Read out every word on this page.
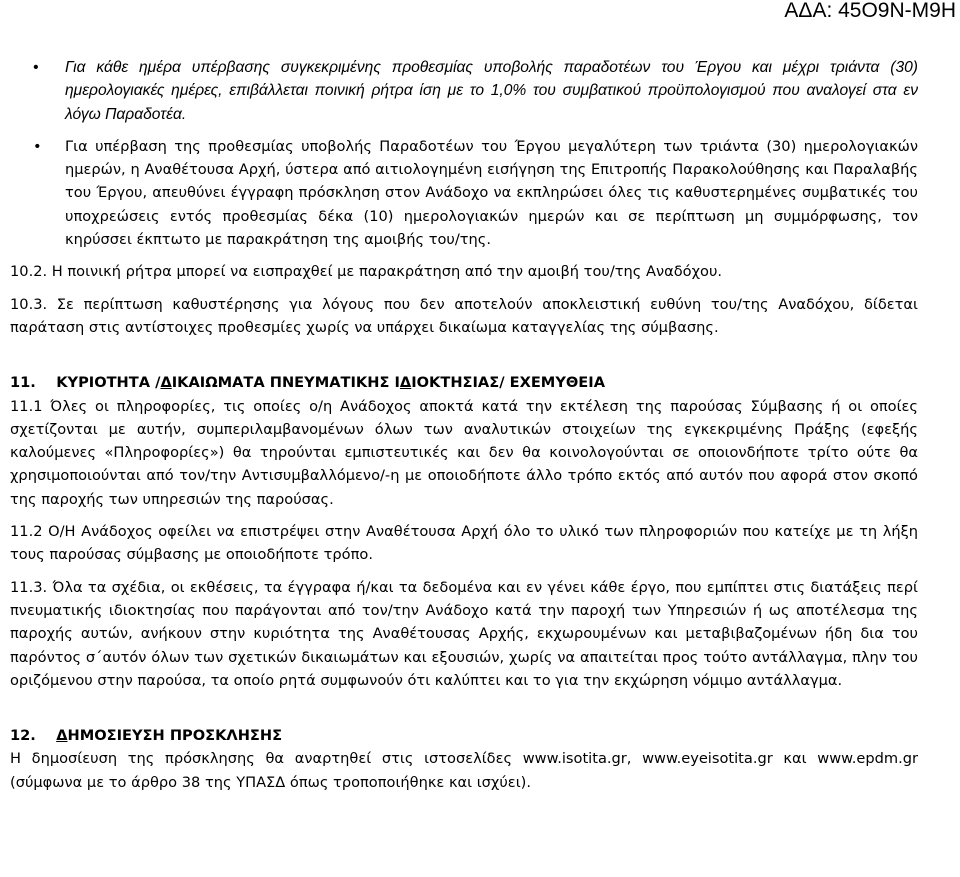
ΑΔΑ: 45Ο9Ν-Μ9Η
• Για κάθε ημέρα υπέρβασης συγκεκριμένης προθεσμίας υποβολής παραδοτέων του Έργου και μέχρι τριάντα (30) ημερολογιακές ημέρες, επιβάλλεται ποινική ρήτρα ίση με το 1,0% του συμβατικού προϋπολογισμού που αναλογεί στα εν λόγω Παραδοτέα.
• Για υπέρβαση της προθεσμίας υποβολής Παραδοτέων του Έργου μεγαλύτερη των τριάντα (30) ημερολογιακών ημερών, η Αναθέτουσα Αρχή, ύστερα από αιτιολογημένη εισήγηση της Επιτροπής Παρακολούθησης και Παραλαβής του Έργου, απευθύνει έγγραφη πρόσκληση στον Ανάδοχο να εκπληρώσει όλες τις καθυστερημένες συμβατικές του υποχρεώσεις εντός προθεσμίας δέκα (10) ημερολογιακών ημερών και σε περίπτωση μη συμμόρφωσης, τον κηρύσσει έκπτωτο με παρακράτηση της αμοιβής του/της.
10.2. Η ποινική ρήτρα μπορεί να εισπραχθεί με παρακράτηση από την αμοιβή του/της Αναδόχου.
10.3. Σε περίπτωση καθυστέρησης για λόγους που δεν αποτελούν αποκλειστική ευθύνη του/της Αναδόχου, δίδεται παράταση στις αντίστοιχες προθεσμίες χωρίς να υπάρχει δικαίωμα καταγγελίας της σύμβασης.
11. ΚΥΡΙΟΤΗΤΑ /ΔΙΚΑΙΩΜΑΤΑ ΠΝΕΥΜΑΤΙΚΗΣ ΙΔΙΟΚΤΗΣΙΑΣ/ ΕΧΕΜΥΘΕΙΑ
11.1 Όλες οι πληροφορίες, τις οποίες ο/η Ανάδοχος αποκτά κατά την εκτέλεση της παρούσας Σύμβασης ή οι οποίες σχετίζονται με αυτήν, συμπεριλαμβανομένων όλων των αναλυτικών στοιχείων της εγκεκριμένης Πράξης (εφεξής καλούμενες «Πληροφορίες») θα τηρούνται εμπιστευτικές και δεν θα κοινολογούνται σε οποιονδήποτε τρίτο ούτε θα χρησιμοποιούνται από τον/την Αντισυμβαλλόμενο/-η με οποιοδήποτε άλλο τρόπο εκτός από αυτόν που αφορά στον σκοπό της παροχής των υπηρεσιών της παρούσας.
11.2 Ο/Η Ανάδοχος οφείλει να επιστρέψει στην Αναθέτουσα Αρχή όλο το υλικό των πληροφοριών που κατείχε με τη λήξη τους παρούσας σύμβασης με οποιοδήποτε τρόπο.
11.3. Όλα τα σχέδια, οι εκθέσεις, τα έγγραφα ή/και τα δεδομένα και εν γένει κάθε έργο, που εμπίπτει στις διατάξεις περί πνευματικής ιδιοκτησίας που παράγονται από τον/την Ανάδοχο κατά την παροχή των Υπηρεσιών ή ως αποτέλεσμα της παροχής αυτών, ανήκουν στην κυριότητα της Αναθέτουσας Αρχής, εκχωρουμένων και μεταβιβαζομένων ήδη δια του παρόντος σ΄αυτόν όλων των σχετικών δικαιωμάτων και εξουσιών, χωρίς να απαιτείται προς τούτο αντάλλαγμα, πλην του οριζόμενου στην παρούσα, τα οποίο ρητά συμφωνούν ότι καλύπτει και το για την εκχώρηση νόμιμο αντάλλαγμα.
12. ΔΗΜΟΣΙΕΥΣΗ ΠΡΟΣΚΛΗΣΗΣ
Η δημοσίευση της πρόσκλησης θα αναρτηθεί στις ιστοσελίδες www.isotita.gr, www.eyeisotita.gr και www.epdm.gr (σύμφωνα με το άρθρο 38 της ΥΠΑΣΔ όπως τροποποιήθηκε και ισχύει).
